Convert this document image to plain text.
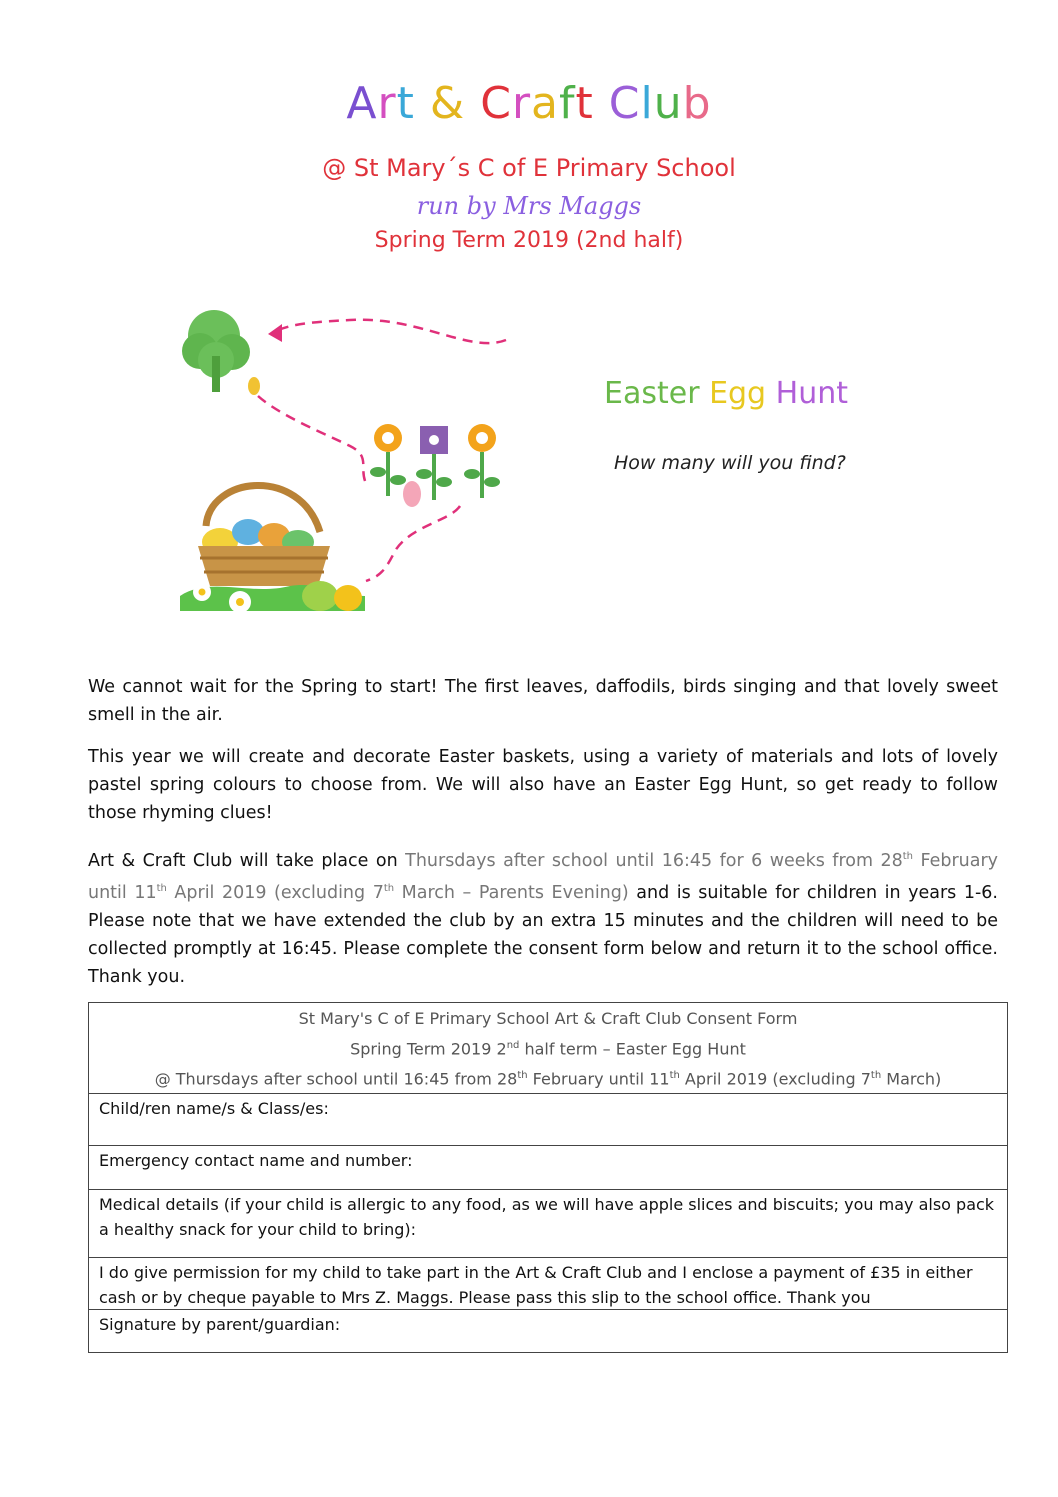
Art & Craft Club
@ St Mary´s C of E Primary School
run by Mrs Maggs
Spring Term 2019 (2nd half)
Easter Egg Hunt
How many will you find?
We cannot wait for the Spring to start! The first leaves, daffodils, birds singing and that lovely sweet smell in the air.
This year we will create and decorate Easter baskets, using a variety of materials and lots of lovely pastel spring colours to choose from. We will also have an Easter Egg Hunt, so get ready to follow those rhyming clues!
Art & Craft Club will take place on Thursdays after school until 16:45 for 6 weeks from 28th February until 11th April 2019 (excluding 7th March – Parents Evening) and is suitable for children in years 1-6. Please note that we have extended the club by an extra 15 minutes and the children will need to be collected promptly at 16:45. Please complete the consent form below and return it to the school office. Thank you.
St Mary's C of E Primary School Art & Craft Club Consent Form
Spring Term 2019 2nd half term – Easter Egg Hunt
@ Thursdays after school until 16:45 from 28th February until 11th April 2019 (excluding 7th March)
Child/ren name/s & Class/es:
Emergency contact name and number:
Medical details (if your child is allergic to any food, as we will have apple slices and biscuits; you may also pack a healthy snack for your child to bring):
I do give permission for my child to take part in the Art & Craft Club and I enclose a payment of £35 in either cash or by cheque payable to Mrs Z. Maggs. Please pass this slip to the school office. Thank you
Signature by parent/guardian:
